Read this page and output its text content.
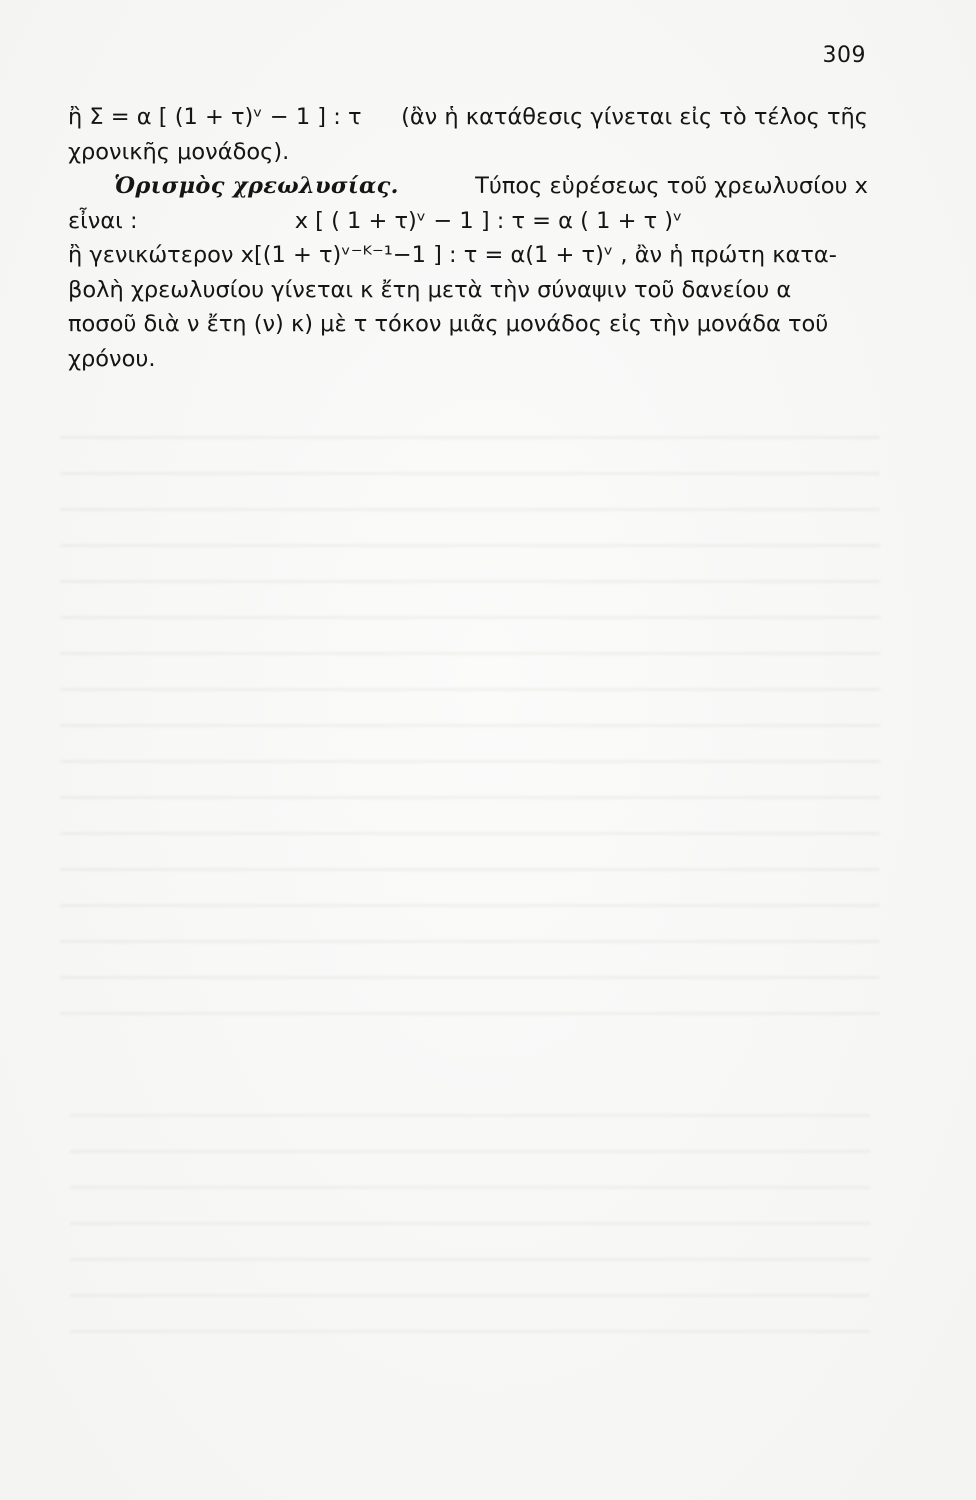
309
ἢ Σ = α [ (1 + τ)ᵛ − 1 ] : τ (ἂν ἡ κατάθεσις γίνεται εἰς τὸ τέλος τῆς
χρονικῆς μονάδος).
Ὁρισμὸς χρεωλυσίας.	Τύπος εὑρέσεως τοῦ χρεωλυσίου x
εἶναι :	x [ ( 1 + τ)ᵛ − 1 ] : τ = α ( 1 + τ )ᵛ
ἢ γενικώτερον x[(1 + τ)ᵛ⁻ᴷ⁻¹−1 ] : τ = α(1 + τ)ᵛ , ἂν ἡ πρώτη κατα-
βολὴ χρεωλυσίου γίνεται κ ἔτη μετὰ τὴν σύναψιν τοῦ δανείου α
ποσοῦ διὰ ν ἔτη (ν) κ) μὲ τ τόκον μιᾶς μονάδος εἰς τὴν μονάδα τοῦ
χρόνου.
